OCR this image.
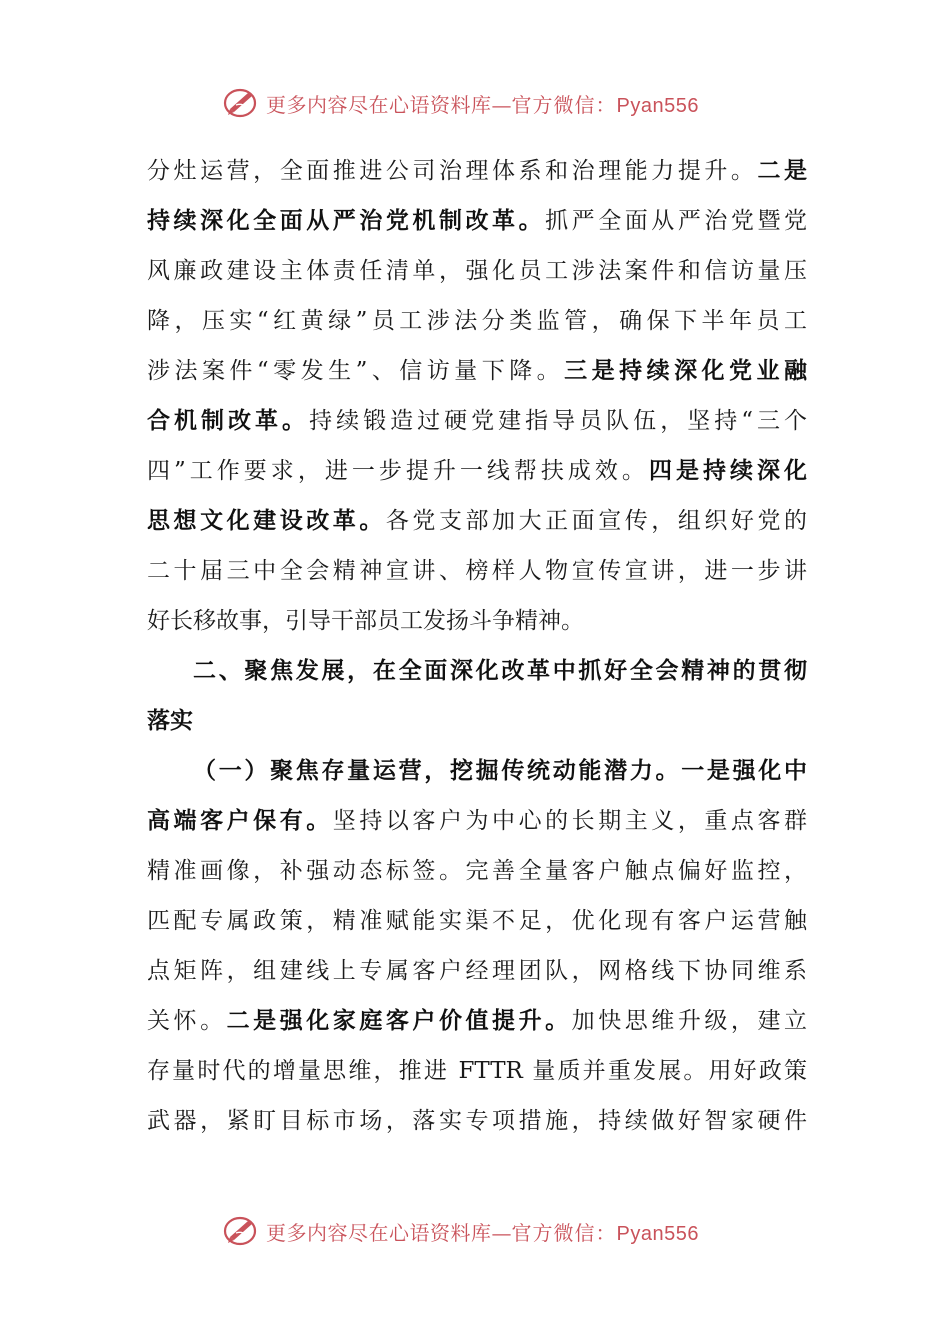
更多内容尽在心语资料库—官方微信：Pyan556
分灶运营，全面推进公司治理体系和治理能力提升。二是
持续深化全面从严治党机制改革。抓严全面从严治党暨党
风廉政建设主体责任清单，强化员工涉法案件和信访量压
降，压实“红黄绿”员工涉法分类监管，确保下半年员工
涉法案件“零发生”、信访量下降。三是持续深化党业融
合机制改革。持续锻造过硬党建指导员队伍，坚持“三个
四”工作要求，进一步提升一线帮扶成效。四是持续深化
思想文化建设改革。各党支部加大正面宣传，组织好党的
二十届三中全会精神宣讲、榜样人物宣传宣讲，进一步讲
好长移故事，引导干部员工发扬斗争精神。
二、聚焦发展，在全面深化改革中抓好全会精神的贯彻
落实
（一）聚焦存量运营，挖掘传统动能潜力。一是强化中
高端客户保有。坚持以客户为中心的长期主义，重点客群
精准画像，补强动态标签。完善全量客户触点偏好监控，
匹配专属政策，精准赋能实渠不足，优化现有客户运营触
点矩阵，组建线上专属客户经理团队，网格线下协同维系
关怀。二是强化家庭客户价值提升。加快思维升级，建立
存量时代的增量思维，推进 FTTR 量质并重发展。用好政策
武器，紧盯目标市场，落实专项措施，持续做好智家硬件
更多内容尽在心语资料库—官方微信：Pyan556
